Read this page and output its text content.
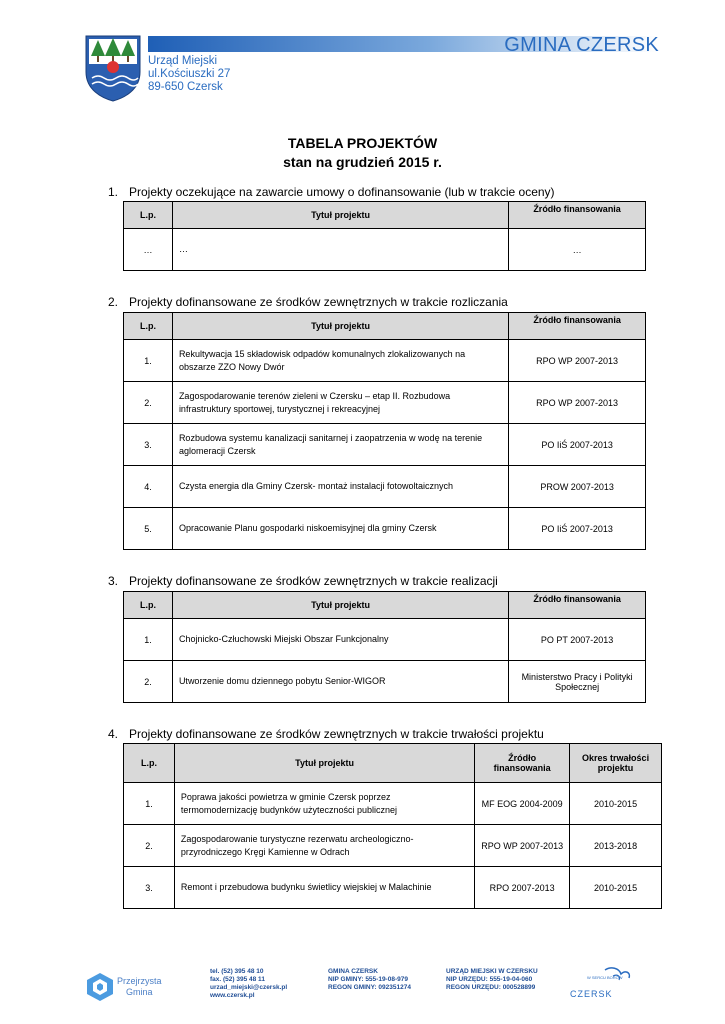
Urząd Miejski
ul.Kościuszki 27
89-650 Czersk
GMINA CZERSK
TABELA PROJEKTÓW
stan na grudzień 2015 r.
1. Projekty oczekujące na zawarcie umowy o dofinansowanie (lub w trakcie oceny)
L.p.	Tytuł projektu	Źródło finansowania
…	…	…
2. Projekty dofinansowane ze środków zewnętrznych w trakcie rozliczania
L.p.	Tytuł projektu	Źródło finansowania
1.	Rekultywacja 15 składowisk odpadów komunalnych zlokalizowanych na obszarze ZZO Nowy Dwór	RPO WP 2007-2013
2.	Zagospodarowanie terenów zieleni w Czersku – etap II. Rozbudowa infrastruktury sportowej, turystycznej i rekreacyjnej	RPO WP 2007-2013
3.	Rozbudowa systemu kanalizacji sanitarnej i zaopatrzenia w wodę na terenie aglomeracji Czersk	PO IiŚ 2007-2013
4.	Czysta energia dla Gminy Czersk- montaż instalacji fotowoltaicznych	PROW 2007-2013
5.	Opracowanie Planu gospodarki niskoemisyjnej dla gminy Czersk	PO IiŚ 2007-2013
3. Projekty dofinansowane ze środków zewnętrznych w trakcie realizacji
L.p.	Tytuł projektu	Źródło finansowania
1.	Chojnicko-Człuchowski Miejski Obszar Funkcjonalny	PO PT 2007-2013
2.	Utworzenie domu dziennego pobytu Senior-WIGOR	Ministerstwo Pracy i Polityki Społecznej
4. Projekty dofinansowane ze środków zewnętrznych w trakcie trwałości projektu
L.p.	Tytuł projektu	Źródło finansowania	Okres trwałości projektu
1.	Poprawa jakości powietrza w gminie Czersk poprzez termomodernizację budynków użyteczności publicznej	MF EOG 2004-2009	2010-2015
2.	Zagospodarowanie turystyczne rezerwatu archeologiczno-przyrodniczego Kręgi Kamienne w Odrach	RPO WP 2007-2013	2013-2018
3.	Remont i przebudowa budynku świetlicy wiejskiej w Malachinie	RPO 2007-2013	2010-2015
Przejrzysta
Gmina
tel. (52) 395 48 10
fax. (52) 395 48 11
urzad_miejski@czersk.pl
www.czersk.pl
GMINA CZERSK
NIP GMINY: 555-19-08-979
REGON GMINY: 092351274
URZĄD MIEJSKI W CZERSKU
NIP URZĘDU: 555-19-04-060
REGON URZĘDU: 000528899
W SERCU BORÓW
CZERSK
